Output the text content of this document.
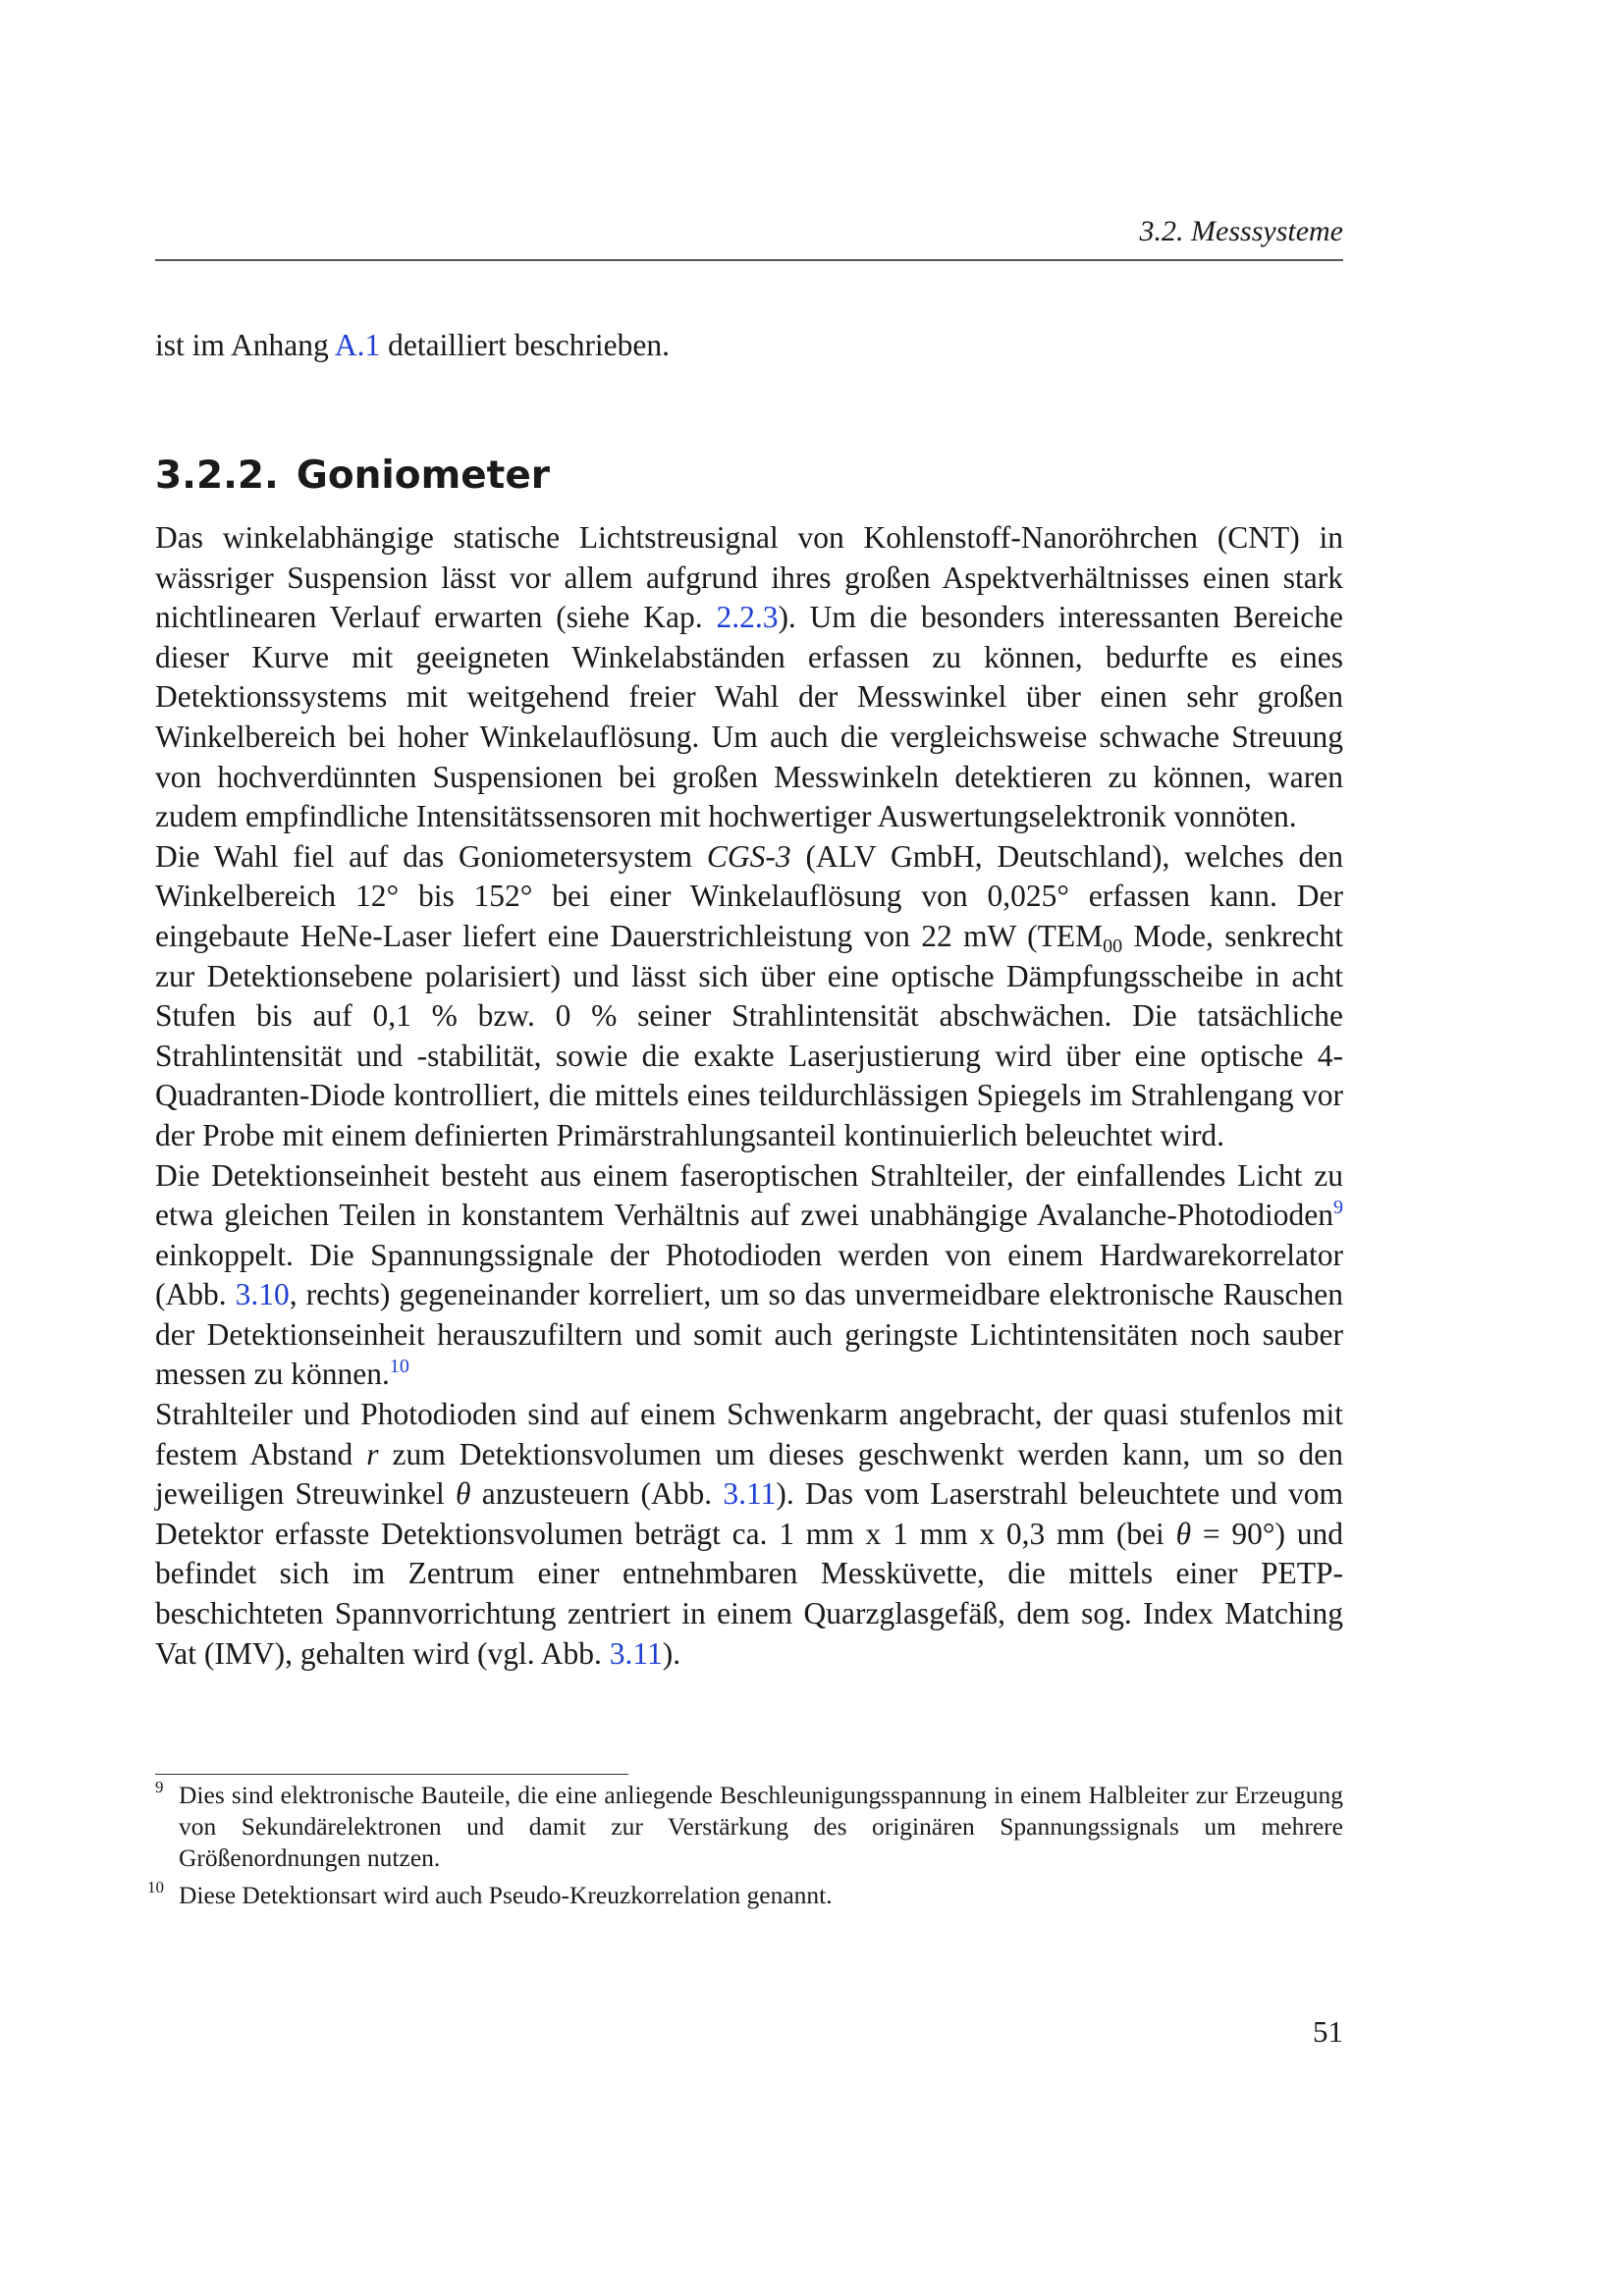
3.2. Messsysteme
ist im Anhang A.1 detailliert beschrieben.
3.2.2. Goniometer

Das winkelabhängige statische Lichtstreusignal von Kohlenstoff-Nanoröhrchen (CNT) in wässriger Suspension lässt vor allem aufgrund ihres großen Aspektverhältnisses einen stark nichtlinearen Verlauf erwarten (siehe Kap. 2.2.3). Um die besonders interessanten Bereiche dieser Kurve mit geeigneten Winkelabständen erfassen zu können, bedurfte es eines Detektionssystems mit weitgehend freier Wahl der Messwinkel über einen sehr großen Winkelbereich bei hoher Winkelauflösung. Um auch die vergleichsweise schwache Streuung von hochverdünnten Suspensionen bei großen Messwinkeln detektieren zu können, waren zudem empfindliche Intensitätssensoren mit hochwertiger Auswertungselektronik vonnöten.

Die Wahl fiel auf das Goniometersystem CGS-3 (ALV GmbH, Deutschland), welches den Winkelbereich 12° bis 152° bei einer Winkelauflösung von 0,025° erfassen kann. Der eingebaute HeNe-Laser liefert eine Dauerstrichleistung von 22 mW ($TEM_{00}$ Mode, senkrecht zur Detektionsebene polarisiert) und lässt sich über eine optische Dämpfungsscheibe in acht Stufen bis auf 0,1 % bzw. 0 % seiner Strahlintensität abschwächen. Die tatsächliche Strahlintensität und -stabilität, sowie die exakte Laserjustierung wird über eine optische 4-Quadranten-Diode kontrolliert, die mittels eines teildurchlässigen Spiegels im Strahlengang vor der Probe mit einem definierten Primärstrahlungsanteil kontinuierlich beleuchtet wird.

Die Detektionseinheit besteht aus einem faseroptischen Strahlteiler, der einfallendes Licht zu etwa gleichen Teilen in konstantem Verhältnis auf zwei unabhängige Avalanche-Photodioden$^9$ einkoppelt. Die Spannungssignale der Photodioden werden von einem Hardwarekorrelator (Abb. 3.10, rechts) gegeneinander korreliert, um so das unvermeidbare elektronische Rauschen der Detektionseinheit herauszufiltern und somit auch geringste Lichtintensitäten noch sauber messen zu können.$^{10}$

Strahlteiler und Photodioden sind auf einem Schwenkarm angebracht, der quasi stufenlos mit festem Abstand r zum Detektionsvolumen um dieses geschwenkt werden kann, um so den jeweiligen Streuwinkel θ anzusteuern (Abb. 3.11). Das vom Laserstrahl beleuchtete und vom Detektor erfasste Detektionsvolumen beträgt ca. 1 mm x 1 mm x 0,3 mm (bei θ = 90°) und befindet sich im Zentrum einer entnehmbaren Messküvette, die mittels einer PETP-beschichteten Spannvorrichtung zentriert in einem Quarzglasgefäß, dem sog. Index Matching Vat (IMV), gehalten wird (vgl. Abb. 3.11).

9 Dies sind elektronische Bauteile, die eine anliegende Beschleunigungsspannung in einem Halbleiter zur Erzeugung von Sekundärelektronen und damit zur Verstärkung des originären Spannungssignals um mehrere Größenordnungen nutzen.

10 Diese Detektionsart wird auch Pseudo-Kreuzkorrelation genannt.

51
